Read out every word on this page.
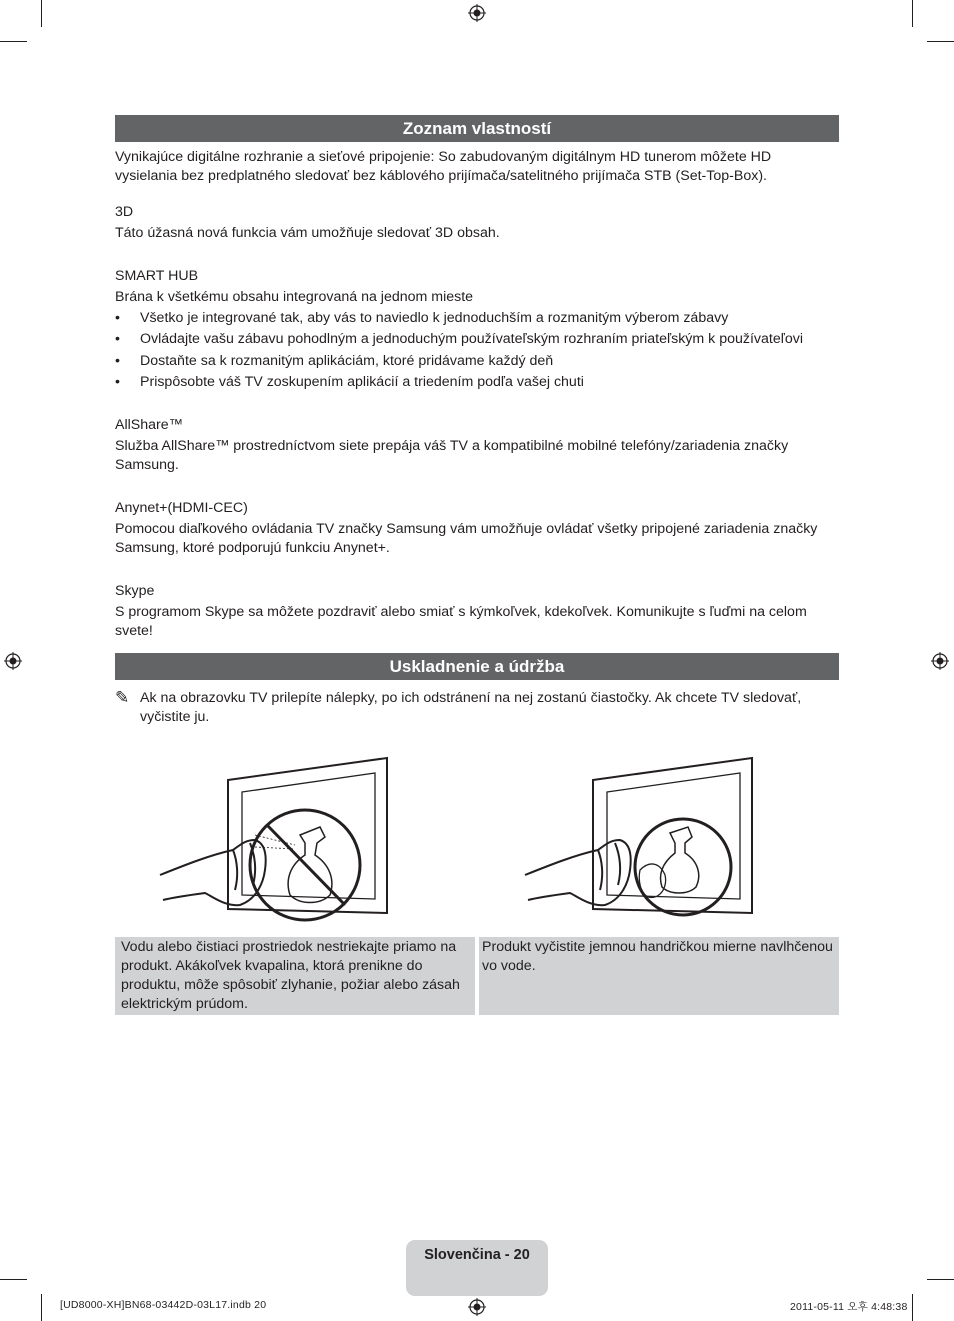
Zoznam vlastností
Vynikajúce digitálne rozhranie a sieťové pripojenie: So zabudovaným digitálnym HD tunerom môžete HD vysielania bez predplatného sledovať bez káblového prijímača/satelitného prijímača STB (Set-Top-Box).
3D
Táto úžasná nová funkcia vám umožňuje sledovať 3D obsah.
SMART HUB
Brána k všetkému obsahu integrovaná na jednom mieste
• Všetko je integrované tak, aby vás to naviedlo k jednoduchším a rozmanitým výberom zábavy
• Ovládajte vašu zábavu pohodlným a jednoduchým používateľským rozhraním priateľským k používateľovi
• Dostaňte sa k rozmanitým aplikáciám, ktoré pridávame každý deň
• Prispôsobte váš TV zoskupením aplikácií a triedením podľa vašej chuti
AllShare™
Služba AllShare™ prostredníctvom siete prepája váš TV a kompatibilné mobilné telefóny/zariadenia značky Samsung.
Anynet+(HDMI-CEC)
Pomocou diaľkového ovládania TV značky Samsung vám umožňuje ovládať všetky pripojené zariadenia značky Samsung, ktoré podporujú funkciu Anynet+.
Skype
S programom Skype sa môžete pozdraviť alebo smiať s kýmkoľvek, kdekoľvek. Komunikujte s ľuďmi na celom svete!
Uskladnenie a údržba
✎ Ak na obrazovku TV prilepíte nálepky, po ich odstránení na nej zostanú čiastočky. Ak chcete TV sledovať, vyčistite ju.
Vodu alebo čistiaci prostriedok nestriekajte priamo na produkt. Akákoľvek kvapalina, ktorá prenikne do produktu, môže spôsobiť zlyhanie, požiar alebo zásah elektrickým prúdom.
Produkt vyčistite jemnou handričkou mierne navlhčenou vo vode.
Slovenčina - 20
[UD8000-XH]BN68-03442D-03L17.indb 20	2011-05-11 오후 4:48:38
